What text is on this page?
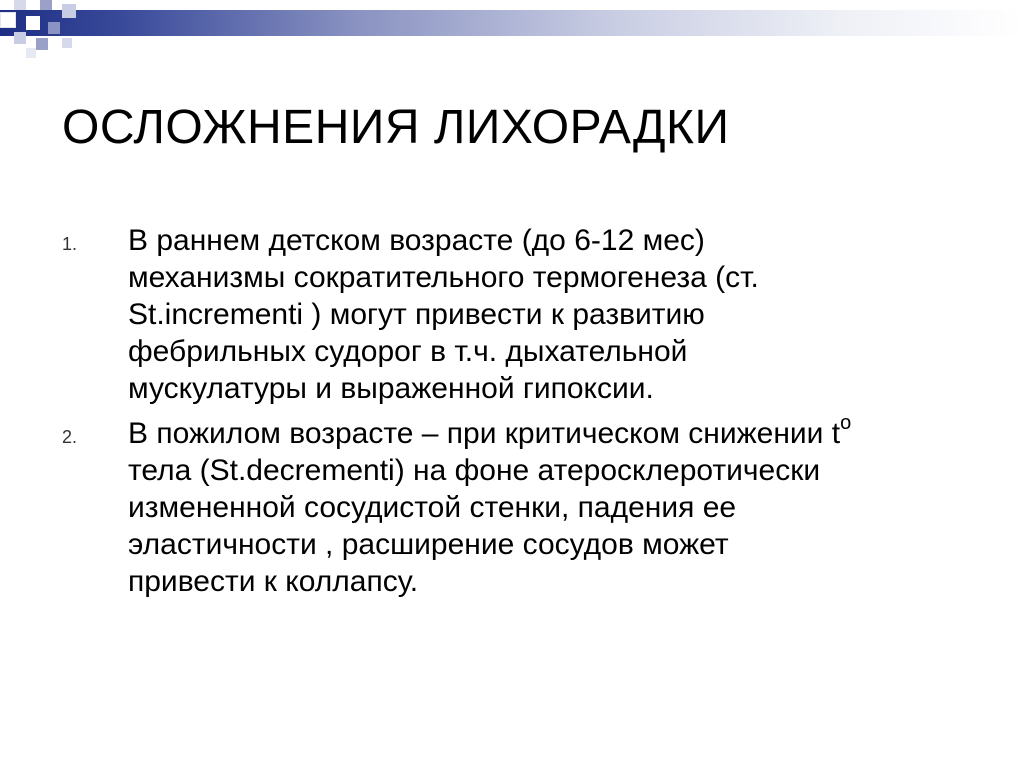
ОСЛОЖНЕНИЯ ЛИХОРАДКИ
1. В раннем детском возрасте (до 6-12 мес)
механизмы сократительного термогенеза (ст.
St.incrementi ) могут привести к развитию
фебрильных судорог в т.ч. дыхательной
мускулатуры и выраженной гипоксии.
2. В пожилом возрасте – при критическом снижении $t^o$
тела (St.decrementi) на фоне атеросклеротически
измененной сосудистой стенки, падения ее
эластичности , расширение сосудов может
привести к коллапсу.
